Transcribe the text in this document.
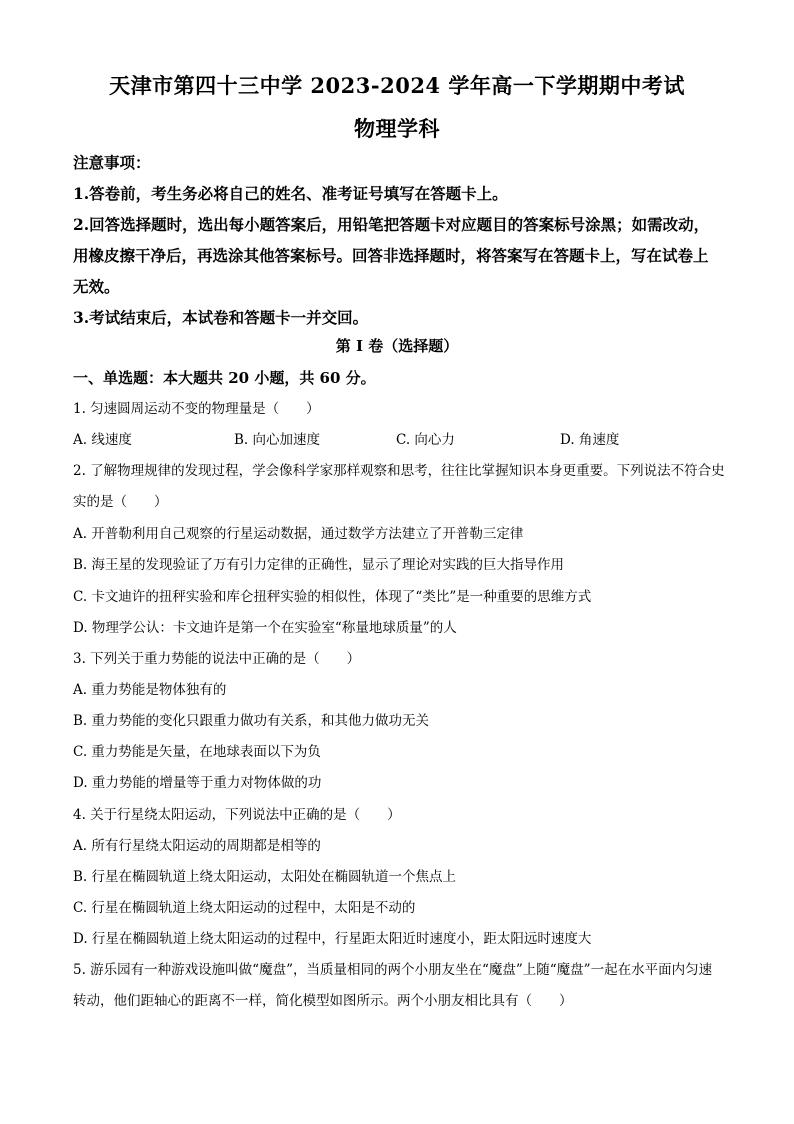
天津市第四十三中学 2023-2024 学年高一下学期期中考试
物理学科
注意事项：
1.答卷前，考生务必将自己的姓名、准考证号填写在答题卡上。
2.回答选择题时，选出每小题答案后，用铅笔把答题卡对应题目的答案标号涂黑；如需改动，用橡皮擦干净后，再选涂其他答案标号。回答非选择题时，将答案写在答题卡上，写在试卷上无效。
3.考试结束后，本试卷和答题卡一并交回。
第 I 卷（选择题）
一、单选题：本大题共 20 小题，共 60 分。
1. 匀速圆周运动不变的物理量是（　　）
A. 线速度	B. 向心加速度	C. 向心力	D. 角速度
2. 了解物理规律的发现过程，学会像科学家那样观察和思考，往往比掌握知识本身更重要。下列说法不符合史实的是（　　）
A. 开普勒利用自己观察的行星运动数据，通过数学方法建立了开普勒三定律
B. 海王星的发现验证了万有引力定律的正确性，显示了理论对实践的巨大指导作用
C. 卡文迪许的扭秤实验和库仑扭秤实验的相似性，体现了“类比”是一种重要的思维方式
D. 物理学公认：卡文迪许是第一个在实验室“称量地球质量”的人
3. 下列关于重力势能的说法中正确的是（　　）
A. 重力势能是物体独有的
B. 重力势能的变化只跟重力做功有关系，和其他力做功无关
C. 重力势能是矢量，在地球表面以下为负
D. 重力势能的增量等于重力对物体做的功
4. 关于行星绕太阳运动，下列说法中正确的是（　　）
A. 所有行星绕太阳运动的周期都是相等的
B. 行星在椭圆轨道上绕太阳运动，太阳处在椭圆轨道一个焦点上
C. 行星在椭圆轨道上绕太阳运动的过程中，太阳是不动的
D. 行星在椭圆轨道上绕太阳运动的过程中，行星距太阳近时速度小，距太阳远时速度大
5. 游乐园有一种游戏设施叫做“魔盘”，当质量相同的两个小朋友坐在“魔盘”上随“魔盘”一起在水平面内匀速转动，他们距轴心的距离不一样，简化模型如图所示。两个小朋友相比具有（　　）
